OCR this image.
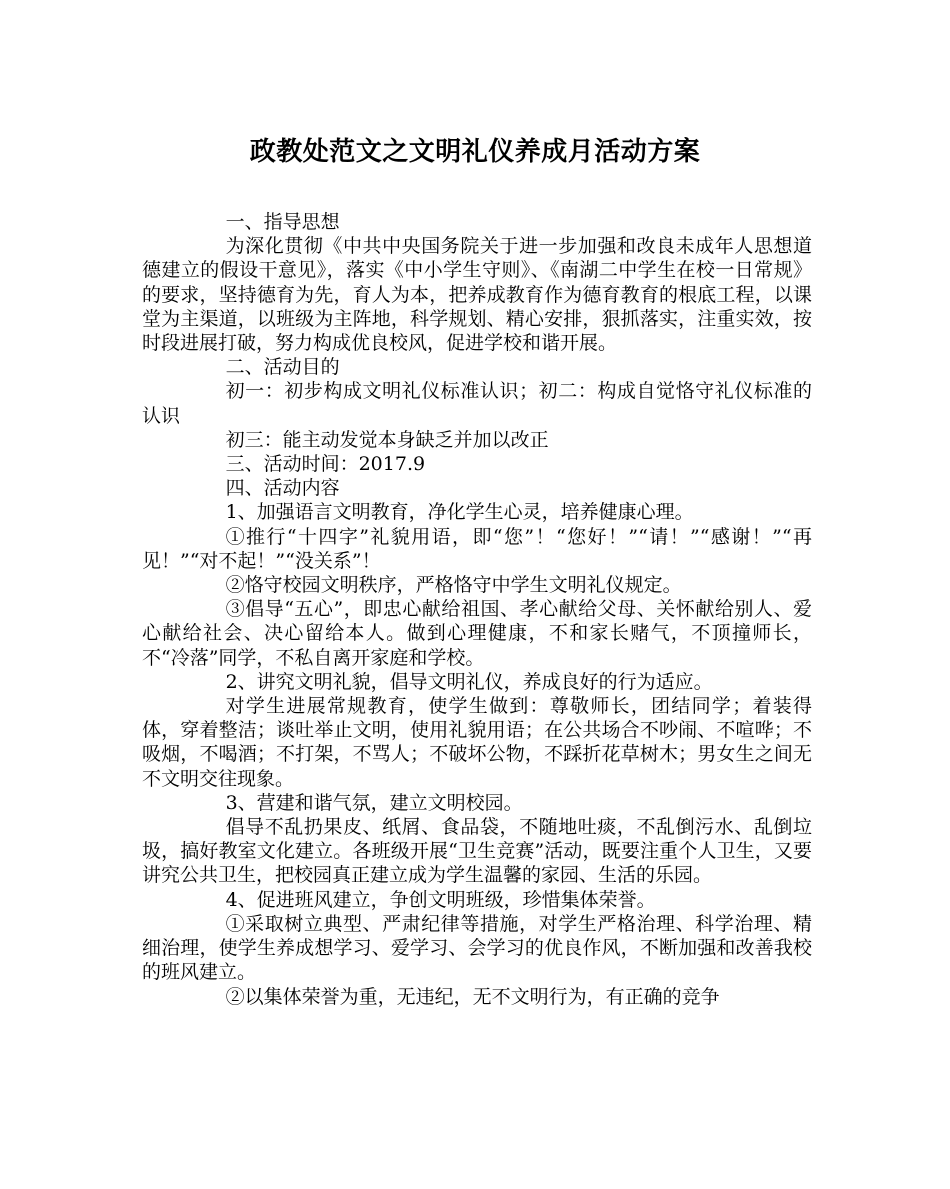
政教处范文之文明礼仪养成月活动方案

一、指导思想

为深化贯彻《中共中央国务院关于进一步加强和改良未成年人思想道德建立的假设干意见》，落实《中小学生守则》、《南湖二中学生在校一日常规》的要求，坚持德育为先，育人为本，把养成教育作为德育教育的根底工程，以课堂为主渠道，以班级为主阵地，科学规划、精心安排，狠抓落实，注重实效，按时段进展打破，努力构成优良校风，促进学校和谐开展。

二、活动目的

初一：初步构成文明礼仪标准认识；初二：构成自觉恪守礼仪标准的认识

初三：能主动发觉本身缺乏并加以改正

三、活动时间：2017.9

四、活动内容

1、加强语言文明教育，净化学生心灵，培养健康心理。

①推行“十四字”礼貌用语，即“您”！“您好！”“请！”“感谢！”“再见！”“对不起！”“没关系”！

②恪守校园文明秩序，严格恪守中学生文明礼仪规定。

③倡导“五心”，即忠心献给祖国、孝心献给父母、关怀献给别人、爱心献给社会、决心留给本人。做到心理健康，不和家长赌气，不顶撞师长，不“冷落”同学，不私自离开家庭和学校。

2、讲究文明礼貌，倡导文明礼仪，养成良好的行为适应。

对学生进展常规教育，使学生做到：尊敬师长，团结同学；着装得体，穿着整洁；谈吐举止文明，使用礼貌用语；在公共场合不吵闹、不喧哗；不吸烟，不喝酒；不打架，不骂人；不破坏公物，不踩折花草树木；男女生之间无不文明交往现象。

3、营建和谐气氛，建立文明校园。

倡导不乱扔果皮、纸屑、食品袋，不随地吐痰，不乱倒污水、乱倒垃圾，搞好教室文化建立。各班级开展“卫生竞赛”活动，既要注重个人卫生，又要讲究公共卫生，把校园真正建立成为学生温馨的家园、生活的乐园。

4、促进班风建立，争创文明班级，珍惜集体荣誉。

①采取树立典型、严肃纪律等措施，对学生严格治理、科学治理、精细治理，使学生养成想学习、爱学习、会学习的优良作风，不断加强和改善我校的班风建立。

②以集体荣誉为重，无违纪，无不文明行为，有正确的竞争
